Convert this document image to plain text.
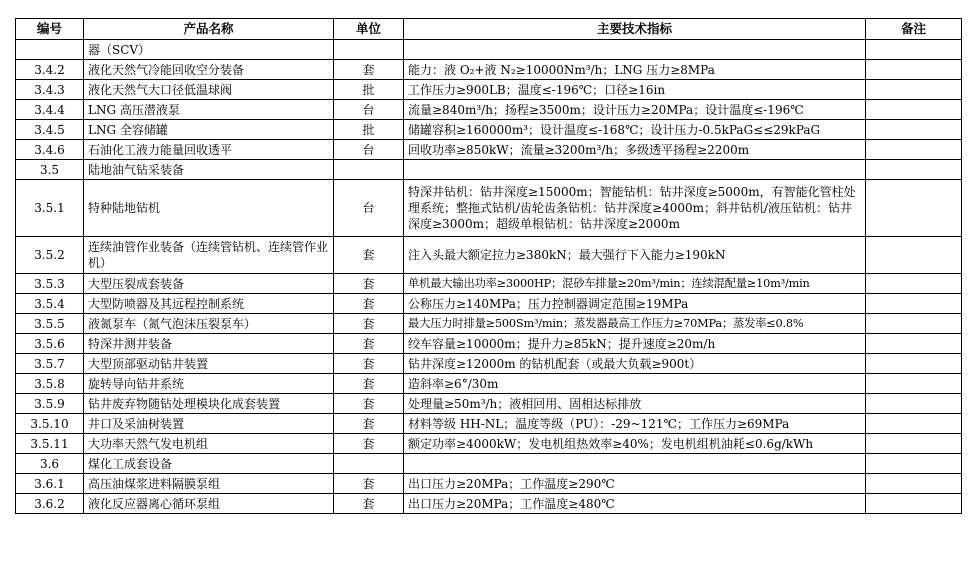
编号	产品名称	单位	主要技术指标	备注
	器（SCV）			
3.4.2	液化天然气冷能回收空分装备	套	能力：液 O₂+液 N₂≥10000Nm³/h；LNG 压力≥8MPa	
3.4.3	液化天然气大口径低温球阀	批	工作压力≥900LB；温度≤-196℃；口径≥16in	
3.4.4	LNG 高压潜液泵	台	流量≥840m³/h；扬程≥3500m；设计压力≥20MPa；设计温度≤-196℃	
3.4.5	LNG 全容储罐	批	储罐容积≥160000m³；设计温度≤-168℃；设计压力-0.5kPaG≤≤29kPaG	
3.4.6	石油化工液力能量回收透平	台	回收功率≥850kW；流量≥3200m³/h；多级透平扬程≥2200m	
3.5	陆地油气钻采装备			
3.5.1	特种陆地钻机	台	特深井钻机：钻井深度≥15000m；智能钻机：钻井深度≥5000m，有智能化管柱处理系统；整拖式钻机/齿轮齿条钻机：钻井深度≥4000m；斜井钻机/液压钻机：钻井深度≥3000m；超级单根钻机：钻井深度≥2000m	
3.5.2	连续油管作业装备（连续管钻机、连续管作业机）	套	注入头最大额定拉力≥380kN；最大强行下入能力≥190kN	
3.5.3	大型压裂成套装备	套	单机最大输出功率≥3000HP；混砂车排量≥20m³/min；连续混配量≥10m³/min	
3.5.4	大型防喷器及其远程控制系统	套	公称压力≥140MPa；压力控制器调定范围≥19MPa	
3.5.5	液氮泵车（氮气泡沫压裂泵车）	套	最大压力时排量≥500Sm³/min；蒸发器最高工作压力≥70MPa；蒸发率≤0.8%	
3.5.6	特深井测井装备	套	绞车容量≥10000m；提升力≥85kN；提升速度≥20m/h	
3.5.7	大型顶部驱动钻井装置	套	钻井深度≥12000m 的钻机配套（或最大负载≥900t）	
3.5.8	旋转导向钻井系统	套	造斜率≥6°/30m	
3.5.9	钻井废弃物随钻处理模块化成套装置	套	处理量≥50m³/h；液相回用、固相达标排放	
3.5.10	井口及采油树装置	套	材料等级 HH-NL；温度等级（PU）：-29~121℃；工作压力≥69MPa	
3.5.11	大功率天然气发电机组	套	额定功率≥4000kW；发电机组热效率≥40%；发电机组机油耗≤0.6g/kWh	
3.6	煤化工成套设备			
3.6.1	高压油煤浆进料隔膜泵组	套	出口压力≥20MPa；工作温度≥290℃	
3.6.2	液化反应器离心循环泵组	套	出口压力≥20MPa；工作温度≥480℃	
